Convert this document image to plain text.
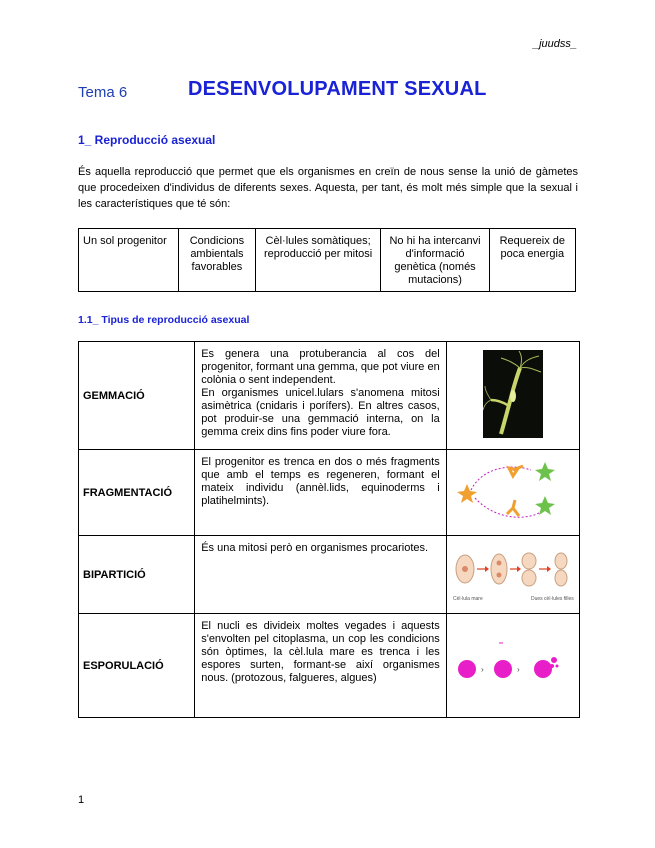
_juudss_
Tema 6	DESENVOLUPAMENT SEXUAL
1_ Reproducció asexual
És aquella reproducció que permet que els organismes en creïn de nous sense la unió de gàmetes que procedeixen d'individus de diferents sexes. Aquesta, per tant, és molt més simple que la sexual i les característiques que té són:
Un sol progenitor	Condicions ambientals favorables	Cèl·lules somàtiques; reproducció per mitosi	No hi ha intercanvi d'informació genètica (només mutacions)	Requereix de poca energia
1.1_ Tipus de reproducció asexual
GEMMACIÓ	Es genera una protuberancia al cos del progenitor, formant una gemma, que pot viure en colònia o sent independent.

En organismes unicel.lulars s'anomena mitosi asimètrica (cnidaris i porífers). En altres casos, pot produir-se una gemmació interna, on la gemma creix dins fins poder viure fora.

FRAGMENTACIÓ	El progenitor es trenca en dos o més fragments que amb el temps es regeneren, formant el mateix individu (annèl.lids, equinoderms i platihelmints).

BIPARTICIÓ	És una mitosi però en organismes procariotes.	Cèl·lula mare Dues cèl·lules filles

ESPORULACIÓ	El nucli es divideix moltes vegades i aquests s'envolten pel citoplasma, un cop les condicions són òptimes, la cèl.lula mare es trenca i les espores surten, formant-se així organismes nous. (protozous, falgueres, algues)	› ›
1
